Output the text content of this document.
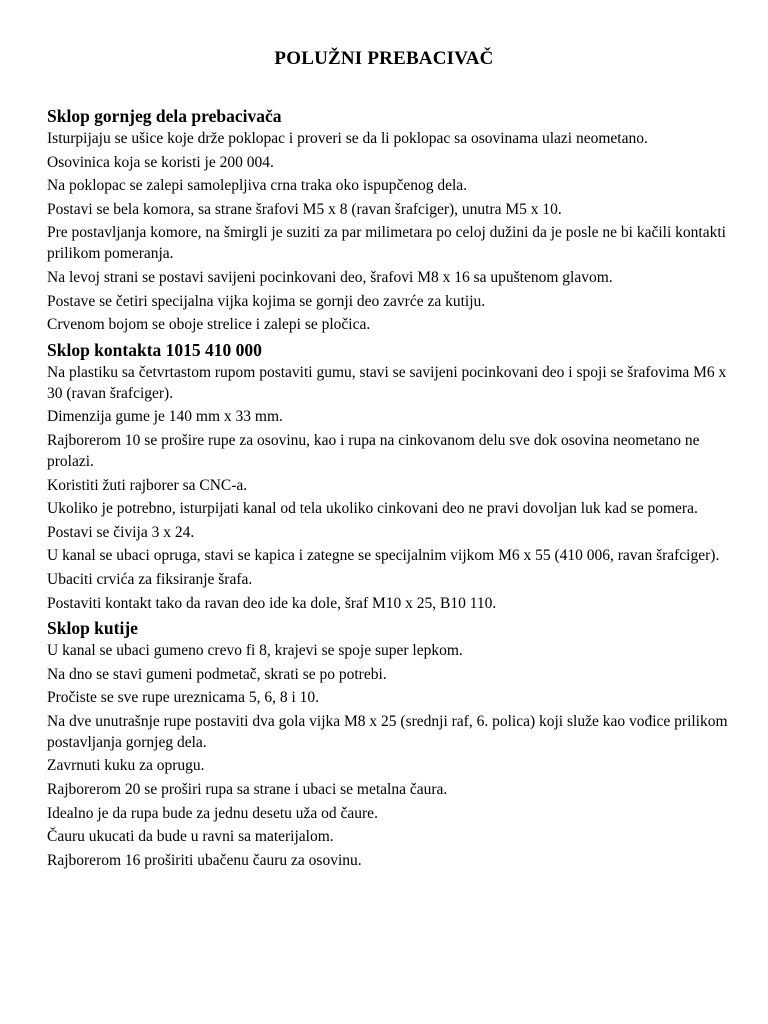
POLUŽNI PREBACIVAČ

Sklop gornjeg dela prebacivača

Isturpijaju se ušice koje drže poklopac i proveri se da li poklopac sa osovinama ulazi neometano.

Osovinica koja se koristi je 200 004.

Na poklopac se zalepi samolepljiva crna traka oko ispupčenog dela.

Postavi se bela komora, sa strane šrafovi M5 x 8 (ravan šrafciger), unutra M5 x 10.

Pre postavljanja komore, na šmirgli je suziti za par milimetara po celoj dužini da je posle ne bi kačili kontakti prilikom pomeranja.

Na levoj strani se postavi savijeni pocinkovani deo, šrafovi M8 x 16 sa upuštenom glavom.

Postave se četiri specijalna vijka kojima se gornji deo zavrće za kutiju.

Crvenom bojom se oboje strelice i zalepi se pločica.

Sklop kontakta 1015 410 000

Na plastiku sa četvrtastom rupom postaviti gumu, stavi se savijeni pocinkovani deo i spoji se šrafovima M6 x 30 (ravan šrafciger).

Dimenzija gume je 140 mm x 33 mm.

Rajborerom 10 se prošire rupe za osovinu, kao i rupa na cinkovanom delu sve dok osovina neometano ne prolazi.

Koristiti žuti rajborer sa CNC-a.

Ukoliko je potrebno, isturpijati kanal od tela ukoliko cinkovani deo ne pravi dovoljan luk kad se pomera.

Postavi se čivija 3 x 24.

U kanal se ubaci opruga, stavi se kapica i zategne se specijalnim vijkom M6 x 55 (410 006, ravan šrafciger).

Ubaciti crvića za fiksiranje šrafa.

Postaviti kontakt tako da ravan deo ide ka dole, šraf M10 x 25, B10 110.

Sklop kutije

U kanal se ubaci gumeno crevo fi 8, krajevi se spoje super lepkom.

Na dno se stavi gumeni podmetač, skrati se po potrebi.

Pročiste se sve rupe ureznicama 5, 6, 8 i 10.

Na dve unutrašnje rupe postaviti dva gola vijka M8 x 25 (srednji raf, 6. polica) koji služe kao vođice prilikom postavljanja gornjeg dela.

Zavrnuti kuku za oprugu.

Rajborerom 20 se proširi rupa sa strane i ubaci se metalna čaura.

Idealno je da rupa bude za jednu desetu uža od čaure.

Čauru ukucati da bude u ravni sa materijalom.

Rajborerom 16 proširiti ubačenu čauru za osovinu.
